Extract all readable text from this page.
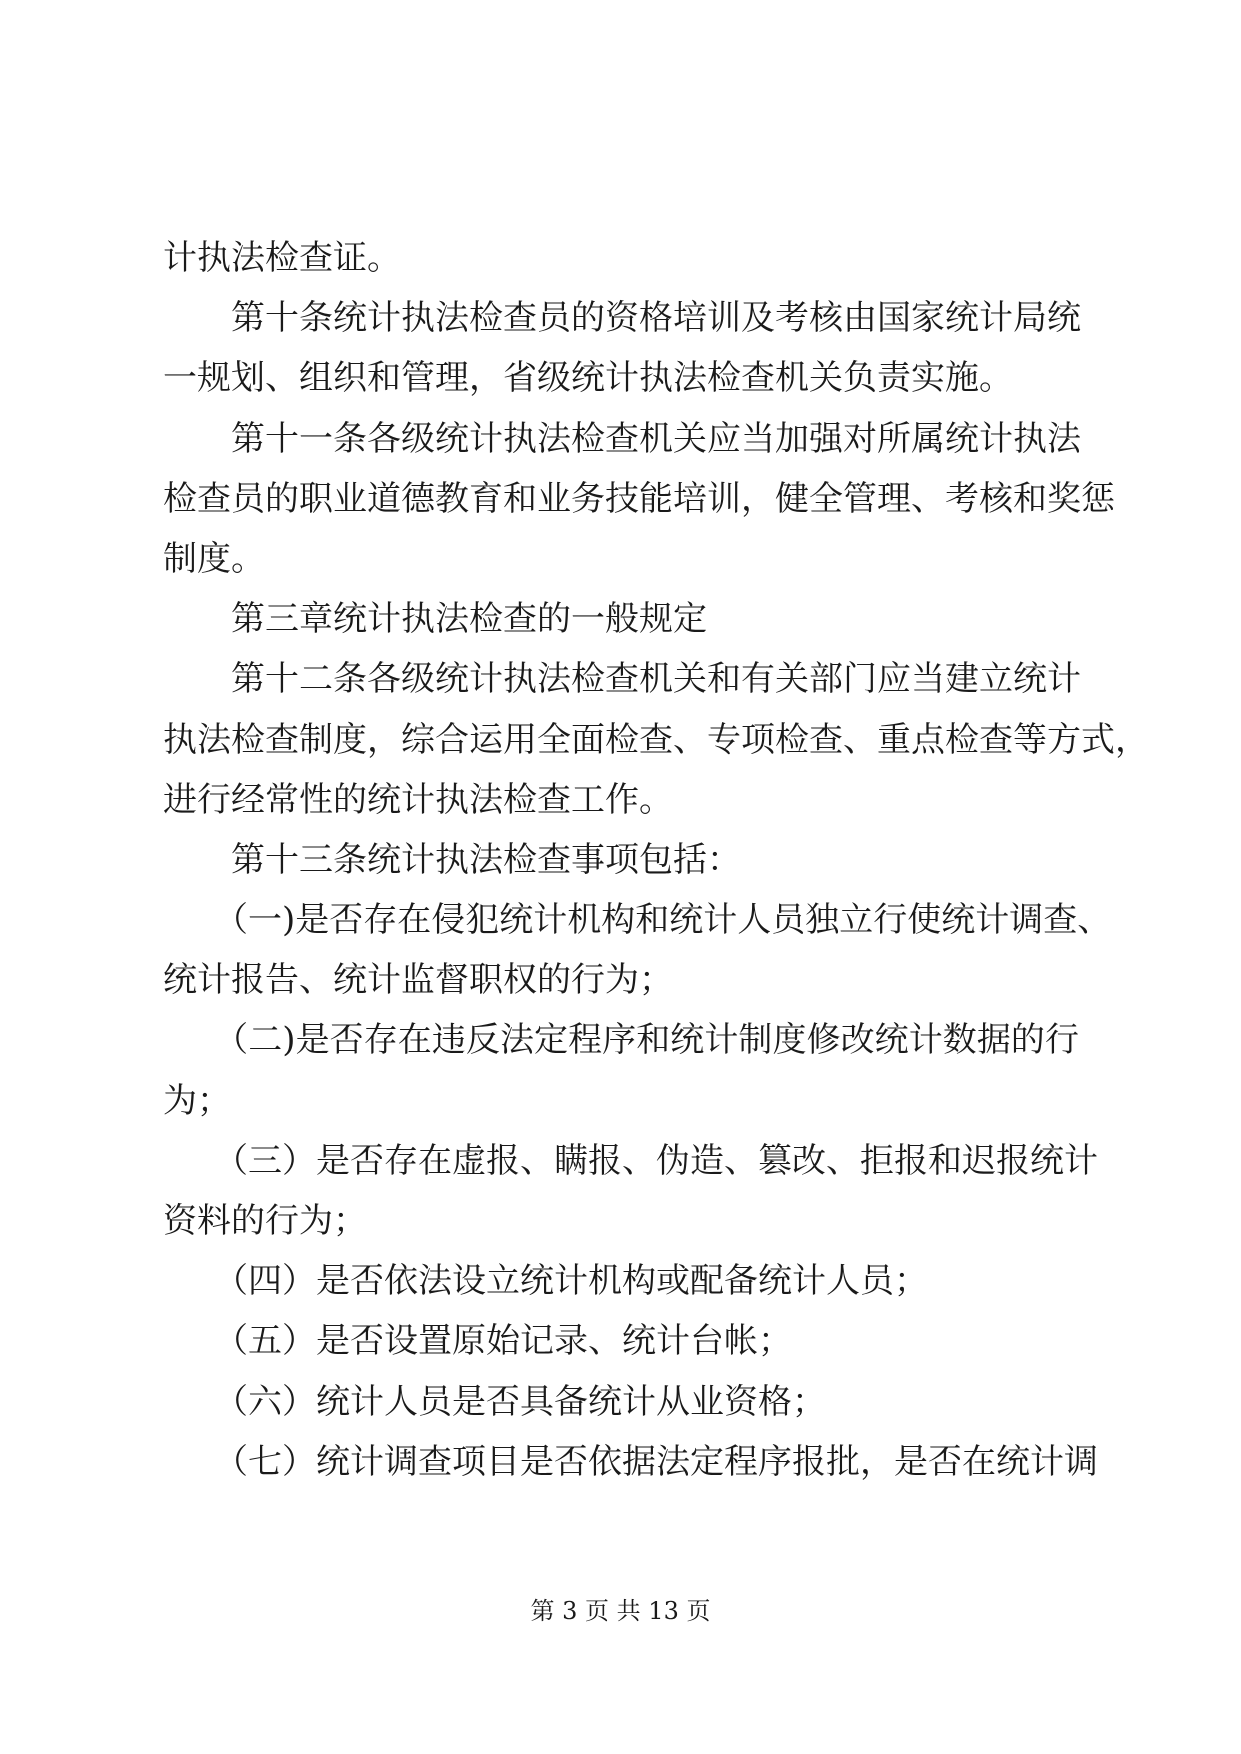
计执法检查证。
　　第十条统计执法检查员的资格培训及考核由国家统计局统
一规划、组织和管理，省级统计执法检查机关负责实施。
　　第十一条各级统计执法检查机关应当加强对所属统计执法
检查员的职业道德教育和业务技能培训，健全管理、考核和奖惩
制度。
　　第三章统计执法检查的一般规定
　　第十二条各级统计执法检查机关和有关部门应当建立统计
执法检查制度，综合运用全面检查、专项检查、重点检查等方式，
进行经常性的统计执法检查工作。
　　第十三条统计执法检查事项包括：
　　（一)是否存在侵犯统计机构和统计人员独立行使统计调查、
统计报告、统计监督职权的行为；
　　（二)是否存在违反法定程序和统计制度修改统计数据的行
为；
　　（三）是否存在虚报、瞒报、伪造、篡改、拒报和迟报统计
资料的行为；
　　（四）是否依法设立统计机构或配备统计人员；
　　（五）是否设置原始记录、统计台帐；
　　（六）统计人员是否具备统计从业资格；
　　（七）统计调查项目是否依据法定程序报批，是否在统计调
第 3 页 共 13 页
